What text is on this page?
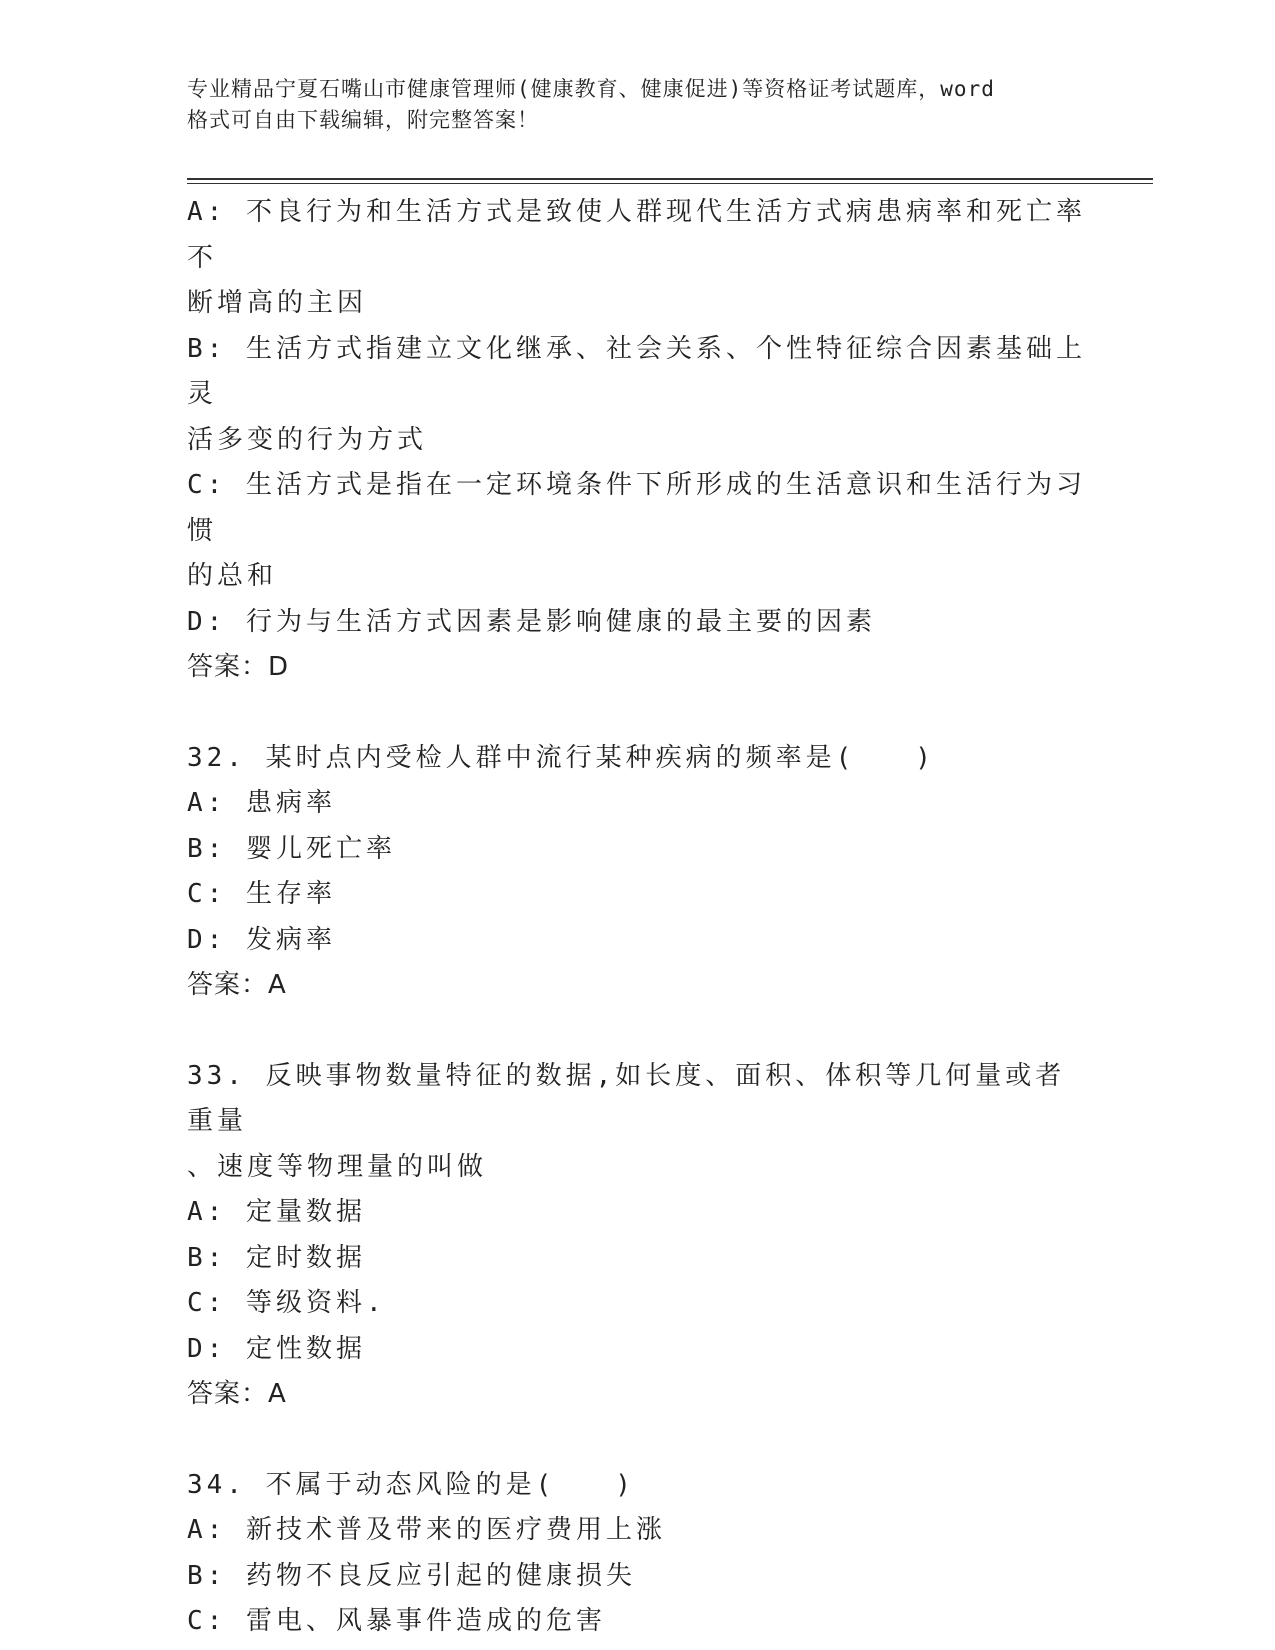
专业精品宁夏石嘴山市健康管理师(健康教育、健康促进)等资格证考试题库，word
格式可自由下载编辑，附完整答案！

A: 不良行为和生活方式是致使人群现代生活方式病患病率和死亡率不

断增高的主因

B: 生活方式指建立文化继承、社会关系、个性特征综合因素基础上灵

活多变的行为方式

C: 生活方式是指在一定环境条件下所形成的生活意识和生活行为习惯

的总和

D: 行为与生活方式因素是影响健康的最主要的因素

答案：D

32. 某时点内受检人群中流行某种疾病的频率是(　　)

A: 患病率

B: 婴儿死亡率

C: 生存率

D: 发病率

答案：A

33. 反映事物数量特征的数据,如长度、面积、体积等几何量或者重量

、速度等物理量的叫做

A: 定量数据

B: 定时数据

C: 等级资料.

D: 定性数据

答案：A

34. 不属于动态风险的是(　　)

A: 新技术普及带来的医疗费用上涨

B: 药物不良反应引起的健康损失

C: 雷电、风暴事件造成的危害
